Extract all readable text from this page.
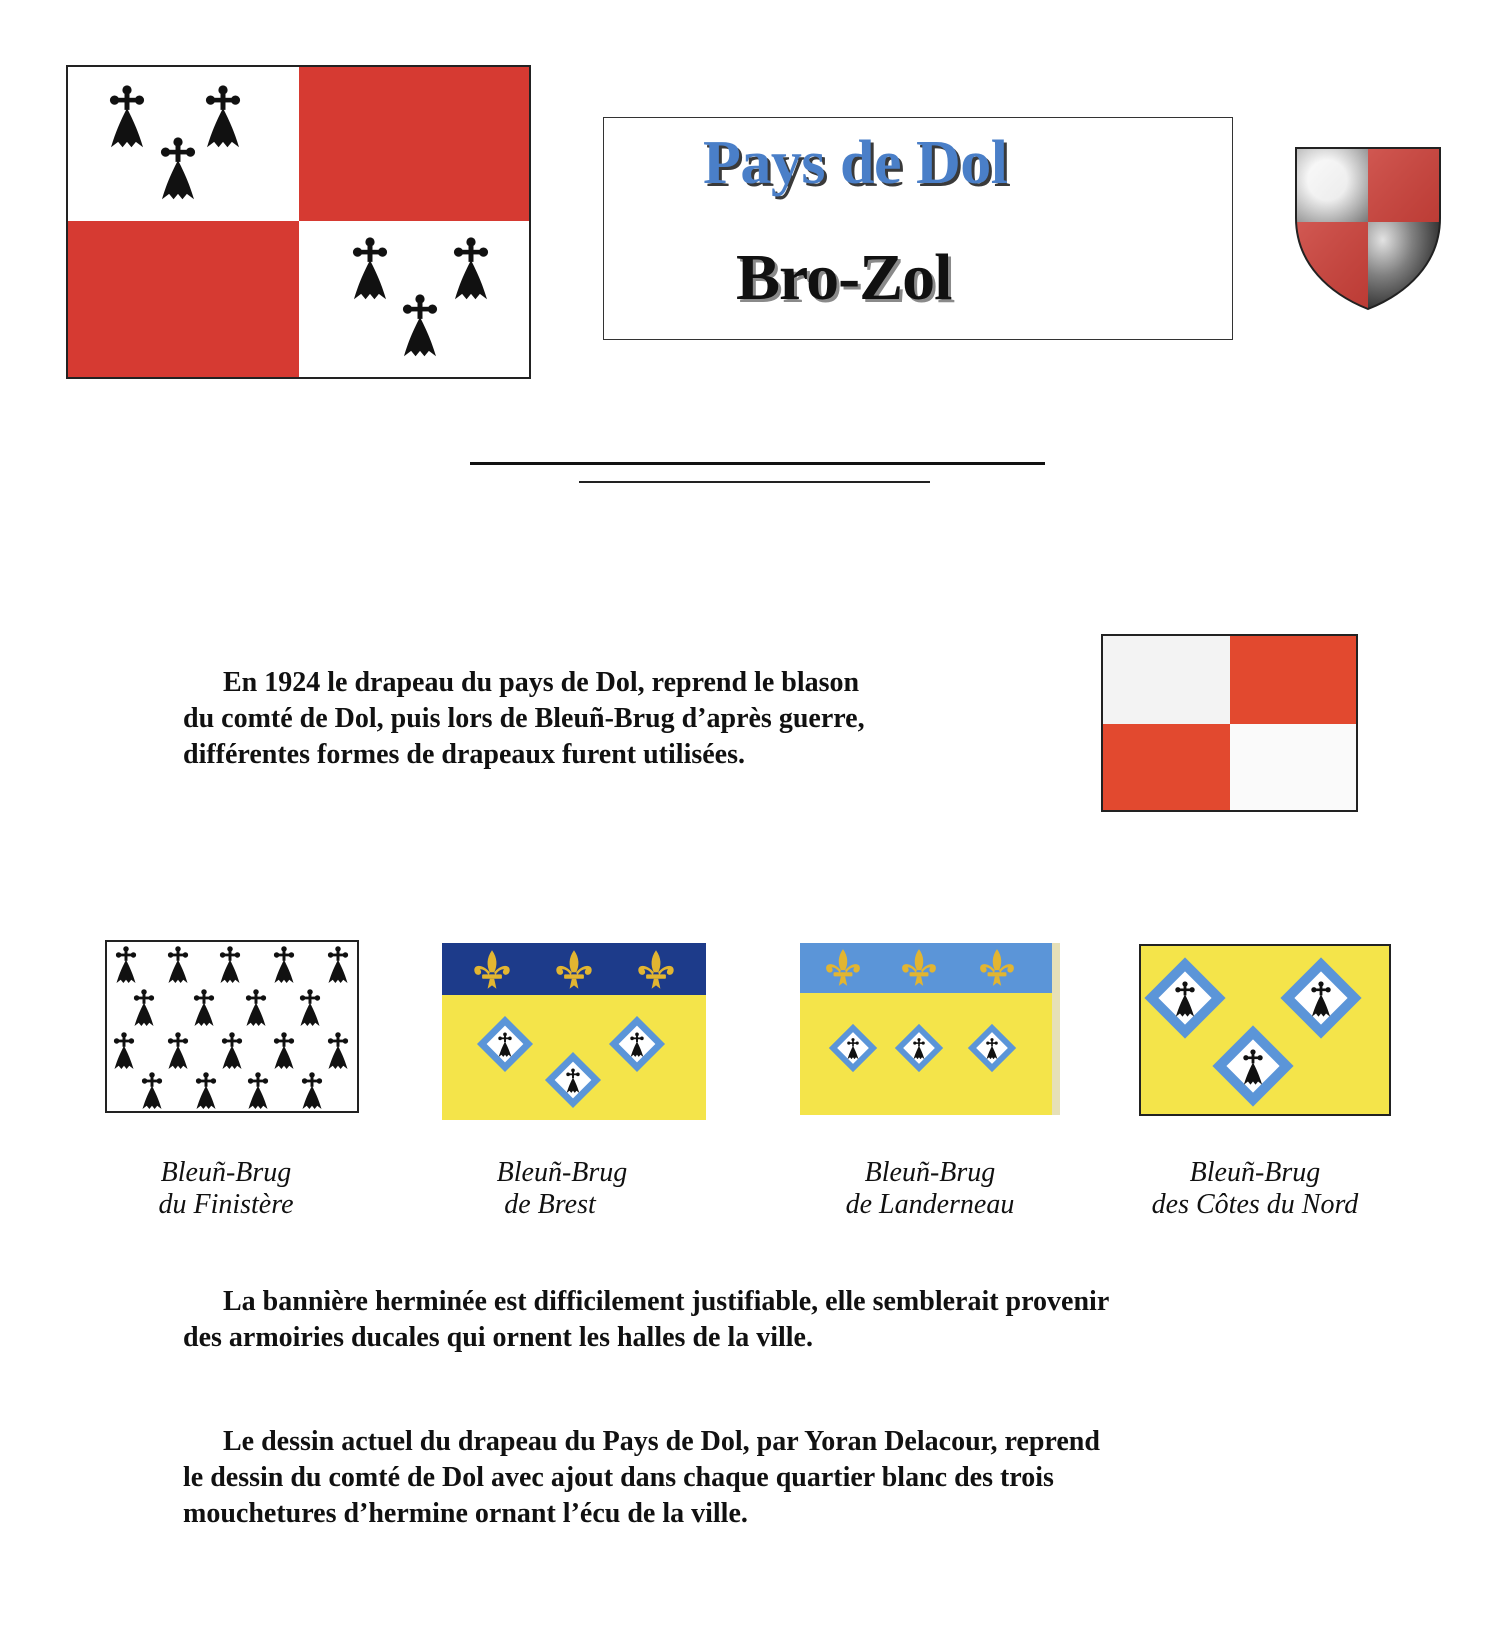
Pays de Dol
Bro-Zol
En 1924 le drapeau du pays de Dol, reprend le blason
du comté de Dol, puis lors de Bleuñ-Brug d’après guerre,
différentes formes de drapeaux furent utilisées.
Bleuñ-Brug
du Finistère
Bleuñ-Brug
de Brest
Bleuñ-Brug
de Landerneau
Bleuñ-Brug
des Côtes du Nord
La bannière herminée est difficilement justifiable, elle semblerait provenir
des armoiries ducales qui ornent les halles de la ville.
Le dessin actuel du drapeau du Pays de Dol, par Yoran Delacour, reprend
le dessin du comté de Dol avec ajout dans chaque quartier blanc des trois
mouchetures d’hermine ornant l’écu de la ville.
